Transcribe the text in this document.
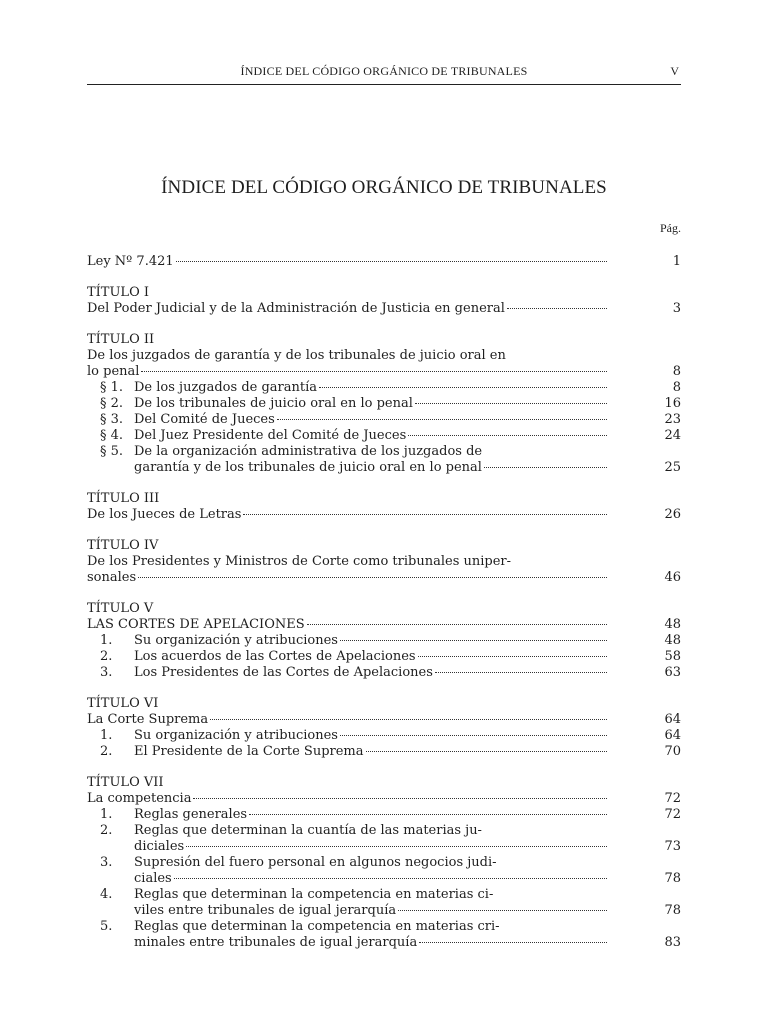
ÍNDICE DEL CÓDIGO ORGÁNICO DE TRIBUNALES	V
ÍNDICE DEL CÓDIGO ORGÁNICO DE TRIBUNALES
Pág.
Ley Nº 7.421	1
TÍTULO I
Del Poder Judicial y de la Administración de Justicia en general	3
TÍTULO II
De los juzgados de garantía y de los tribunales de juicio oral en
lo penal	8
§ 1. De los juzgados de garantía	8
§ 2. De los tribunales de juicio oral en lo penal	16
§ 3. Del Comité de Jueces	23
§ 4. Del Juez Presidente del Comité de Jueces	24
§ 5. De la organización administrativa de los juzgados de
garantía y de los tribunales de juicio oral en lo penal	25
TÍTULO III
De los Jueces de Letras	26
TÍTULO IV
De los Presidentes y Ministros de Corte como tribunales uniper-
sonales	46
TÍTULO V
LAS CORTES DE APELACIONES	48
1. Su organización y atribuciones	48
2. Los acuerdos de las Cortes de Apelaciones	58
3. Los Presidentes de las Cortes de Apelaciones	63
TÍTULO VI
La Corte Suprema	64
1. Su organización y atribuciones	64
2. El Presidente de la Corte Suprema	70
TÍTULO VII
La competencia	72
1. Reglas generales	72
2. Reglas que determinan la cuantía de las materias ju-
diciales	73
3. Supresión del fuero personal en algunos negocios judi-
ciales	78
4. Reglas que determinan la competencia en materias ci-
viles entre tribunales de igual jerarquía	78
5. Reglas que determinan la competencia en materias cri-
minales entre tribunales de igual jerarquía	83
